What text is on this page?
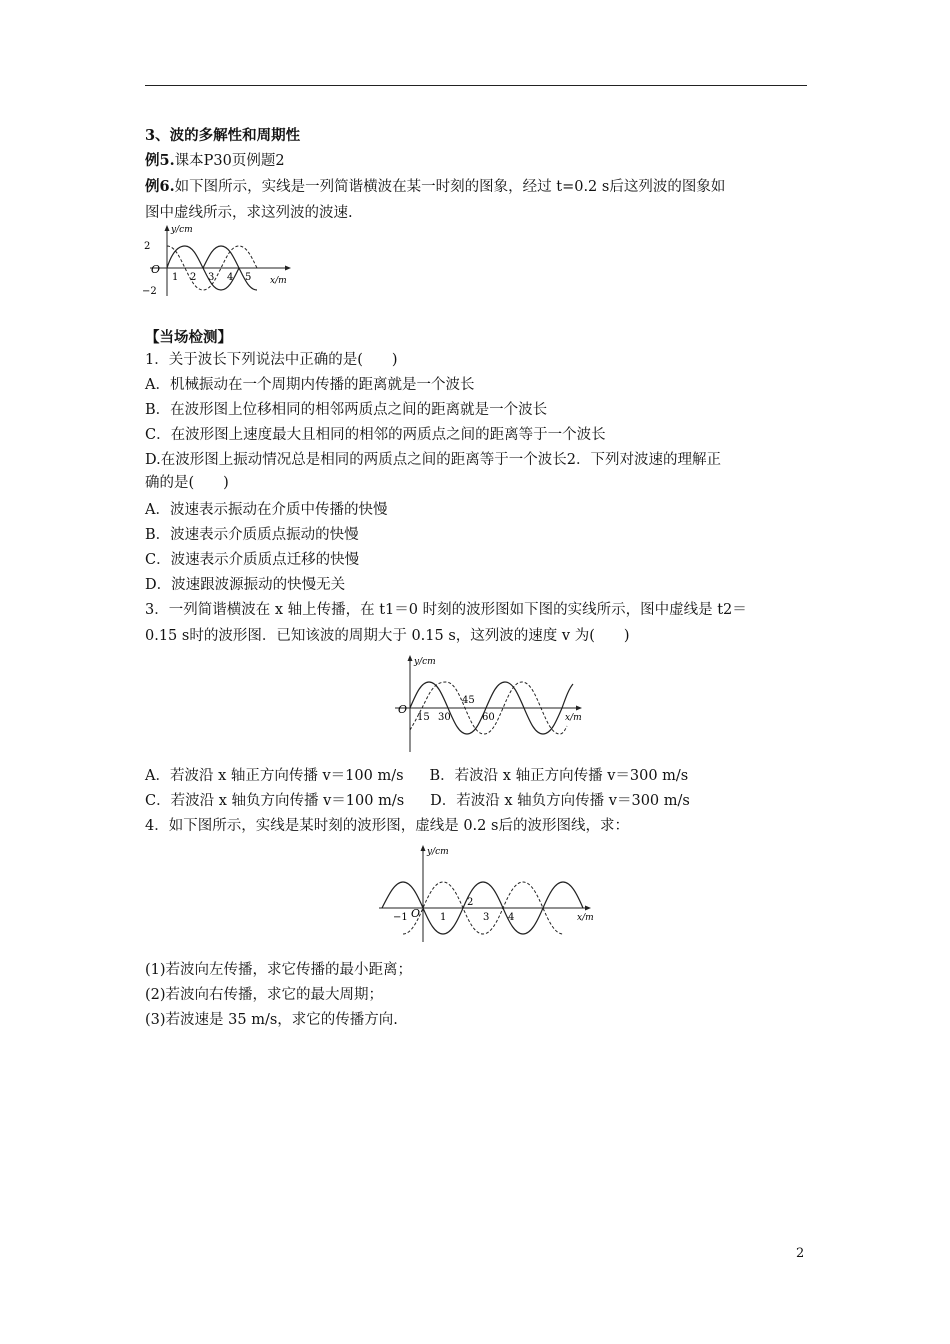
3、波的多解性和周期性
例5.课本P30页例题2
例6.如下图所示，实线是一列简谐横波在某一时刻的图象，经过 t=0.2 s后这列波的图象如
图中虚线所示，求这列波的波速.
2
−2
O
y/cm
x/m
1 2 3 4 5
【当场检测】
1．关于波长下列说法中正确的是(　　)
A．机械振动在一个周期内传播的距离就是一个波长
B．在波形图上位移相同的相邻两质点之间的距离就是一个波长
C．在波形图上速度最大且相同的相邻的两质点之间的距离等于一个波长
D.在波形图上振动情况总是相同的两质点之间的距离等于一个波长2．下列对波速的理解正
确的是(　　)
A．波速表示振动在介质中传播的快慢
B．波速表示介质质点振动的快慢
C．波速表示介质质点迁移的快慢
D．波速跟波源振动的快慢无关
3．一列简谐横波在 x 轴上传播，在 t1＝0 时刻的波形图如下图的实线所示，图中虚线是 t2＝
0.15 s时的波形图．已知该波的周期大于 0.15 s，这列波的速度 v 为(　　)
O
y/cm
x/m
15 30
45
60
A．若波沿 x 轴正方向传播 v＝100 m/s B．若波沿 x 轴正方向传播 v＝300 m/s
C．若波沿 x 轴负方向传播 v＝100 m/s D．若波沿 x 轴负方向传播 v＝300 m/s
4．如下图所示，实线是某时刻的波形图，虚线是 0.2 s后的波形图线，求：
O
y/cm
x/m
−1	1
2
3 4
(1)若波向左传播，求它传播的最小距离；
(2)若波向右传播，求它的最大周期；
(3)若波速是 35 m/s，求它的传播方向.
2
